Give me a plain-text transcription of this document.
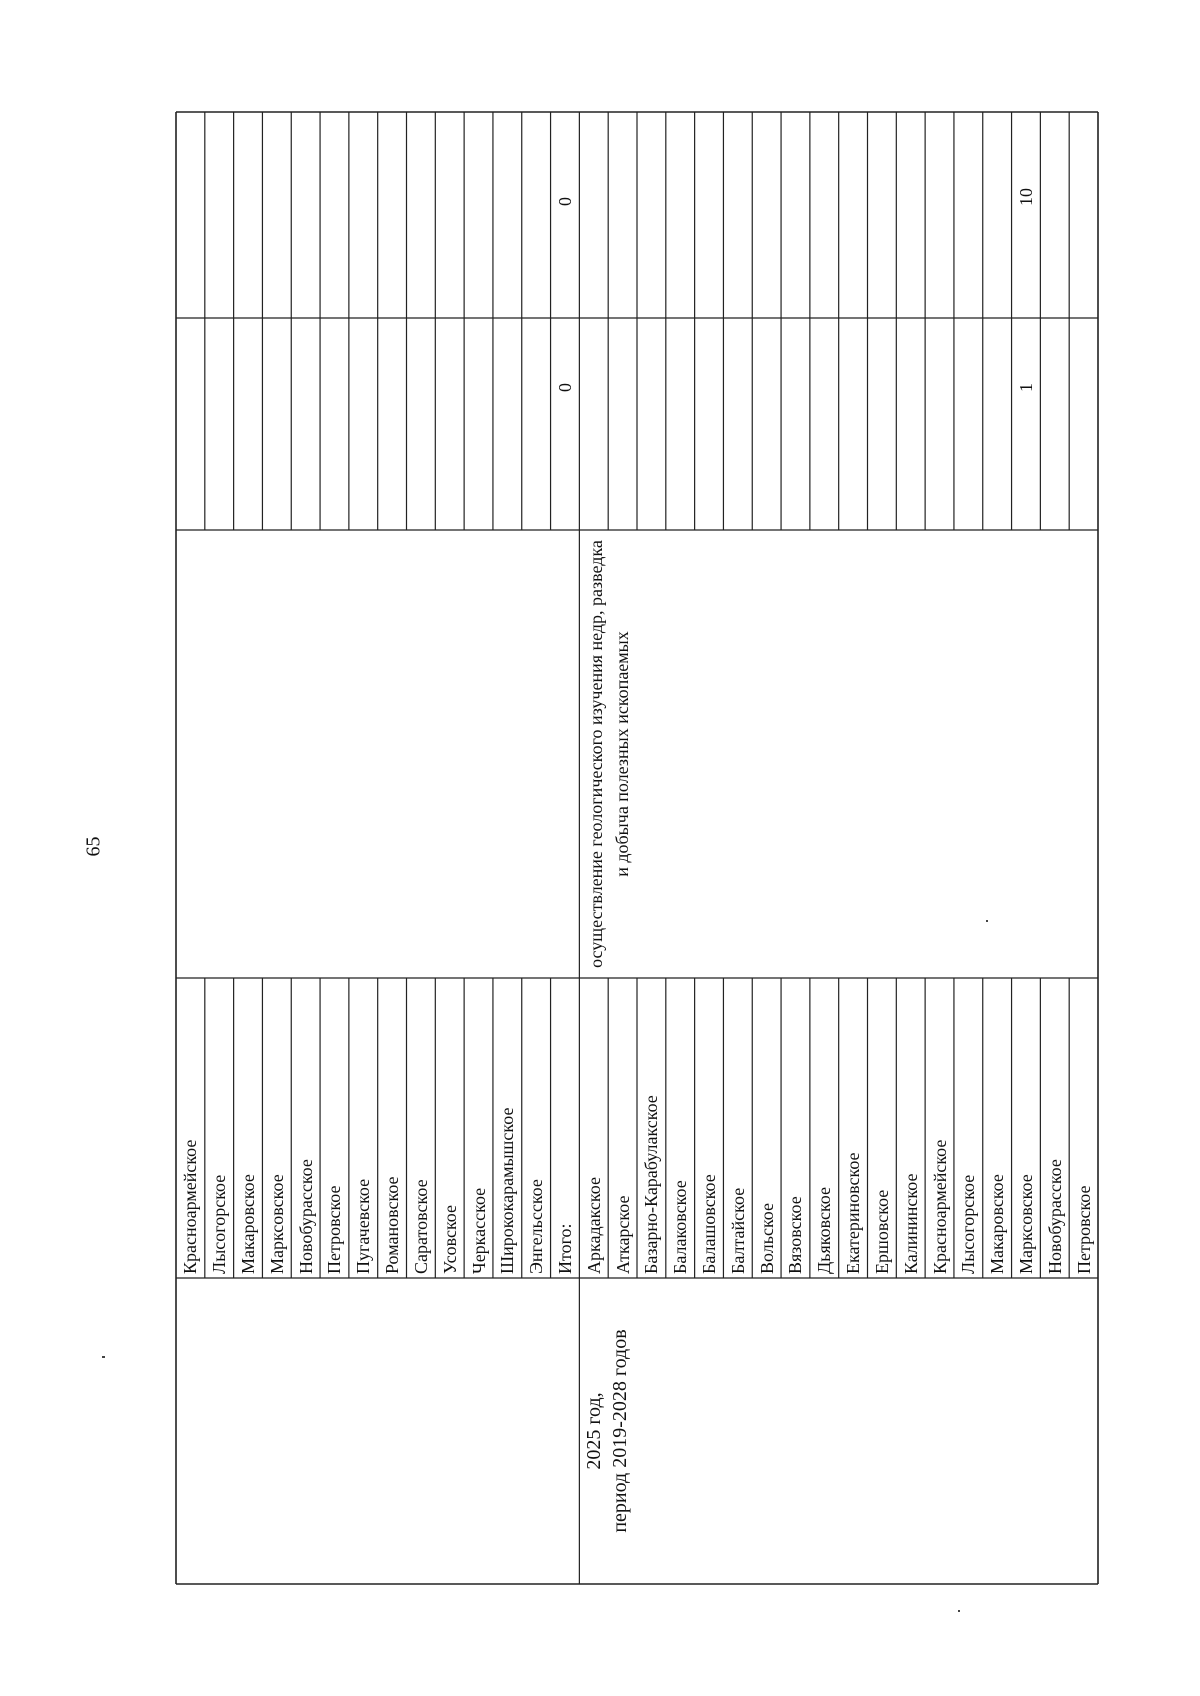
65
Красноармейское Лысогорское Макаровское Марксовское Новобурасское Петровское Пугачевское Романовское Саратовское Усовское Черкасское Ширококарамышское Энгельсское Итого:
0
0
Аркадакское Аткарское Базарно-Карабулакское Балаковское Балашовское Балтайское Вольское Вязовское Дьяковское Екатериновское Ершовское Калининское Красноармейское Лысогорское Макаровское Марксовское
1
10
Новобурасское Петровское
2025 год,
период 2019-2028 годов
осуществление геологического изучения недр, разведка и добыча полезных ископаемых
